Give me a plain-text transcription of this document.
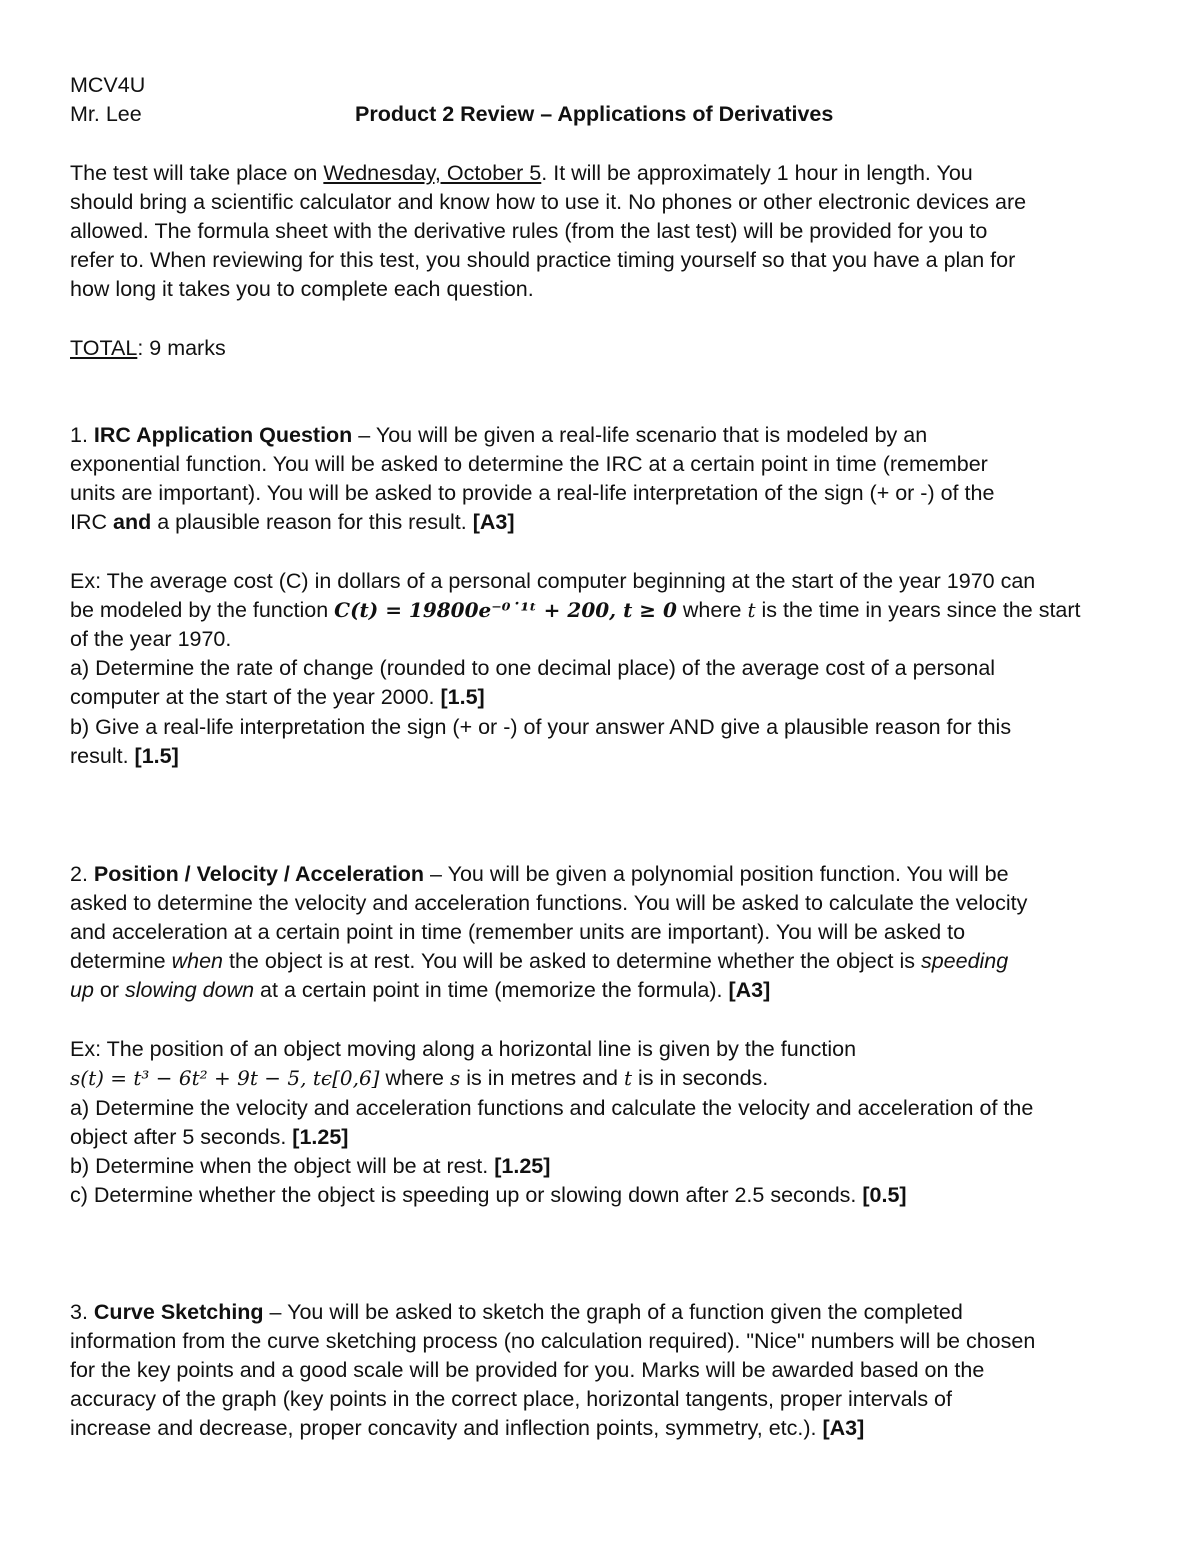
MCV4U
Mr. Lee	Product 2 Review – Applications of Derivatives
The test will take place on Wednesday, October 5. It will be approximately 1 hour in length. You
should bring a scientific calculator and know how to use it. No phones or other electronic devices are
allowed. The formula sheet with the derivative rules (from the last test) will be provided for you to
refer to. When reviewing for this test, you should practice timing yourself so that you have a plan for
how long it takes you to complete each question.
TOTAL: 9 marks
1. IRC Application Question – You will be given a real-life scenario that is modeled by an
exponential function. You will be asked to determine the IRC at a certain point in time (remember
units are important). You will be asked to provide a real-life interpretation of the sign (+ or -) of the
IRC and a plausible reason for this result. [A3]
Ex: The average cost (C) in dollars of a personal computer beginning at the start of the year 1970 can
be modeled by the function C(t) = 19800e⁻⁰˙¹ᵗ + 200, t ≥ 0 where t is the time in years since the start
of the year 1970.
a) Determine the rate of change (rounded to one decimal place) of the average cost of a personal
computer at the start of the year 2000. [1.5]
b) Give a real-life interpretation the sign (+ or -) of your answer AND give a plausible reason for this
result. [1.5]
2. Position / Velocity / Acceleration – You will be given a polynomial position function. You will be
asked to determine the velocity and acceleration functions. You will be asked to calculate the velocity
and acceleration at a certain point in time (remember units are important). You will be asked to
determine when the object is at rest. You will be asked to determine whether the object is speeding
up or slowing down at a certain point in time (memorize the formula). [A3]
Ex: The position of an object moving along a horizontal line is given by the function
s(t) = t³ − 6t² + 9t − 5, tϵ[0,6] where s is in metres and t is in seconds.
a) Determine the velocity and acceleration functions and calculate the velocity and acceleration of the
object after 5 seconds. [1.25]
b) Determine when the object will be at rest. [1.25]
c) Determine whether the object is speeding up or slowing down after 2.5 seconds. [0.5]
3. Curve Sketching – You will be asked to sketch the graph of a function given the completed
information from the curve sketching process (no calculation required). "Nice" numbers will be chosen
for the key points and a good scale will be provided for you. Marks will be awarded based on the
accuracy of the graph (key points in the correct place, horizontal tangents, proper intervals of
increase and decrease, proper concavity and inflection points, symmetry, etc.). [A3]
